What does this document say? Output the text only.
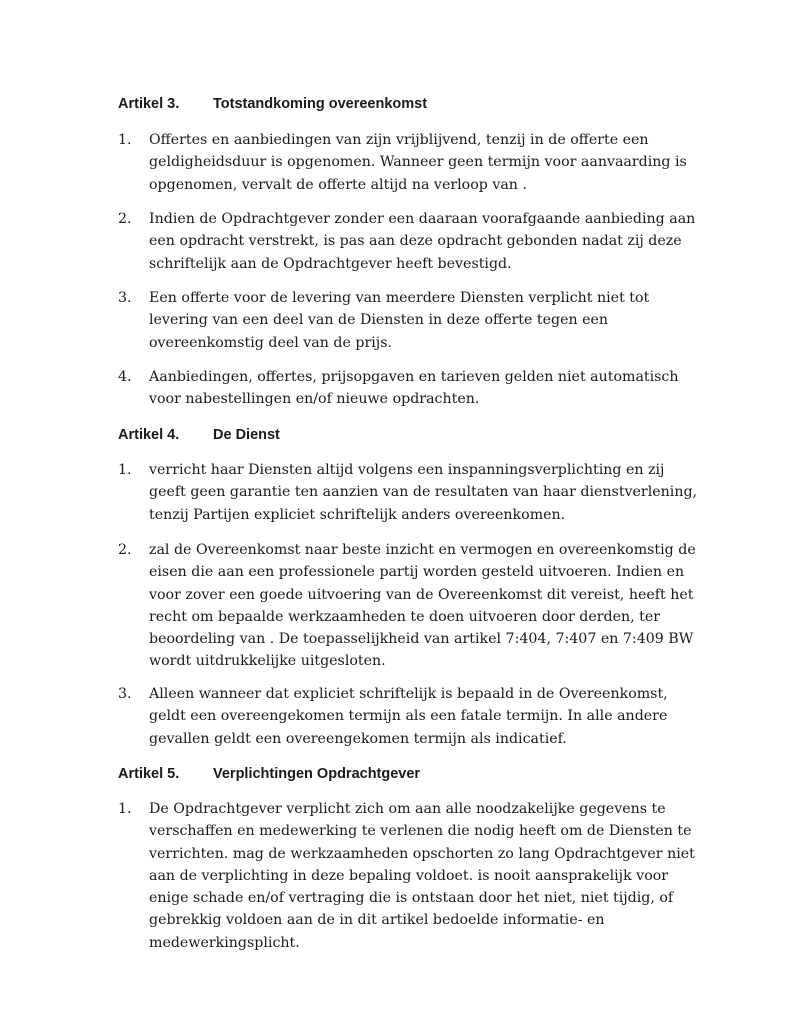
Artikel 3. Totstandkoming overeenkomst
1. Offertes en aanbiedingen van zijn vrijblijvend, tenzij in de offerte een geldigheidsduur is opgenomen. Wanneer geen termijn voor aanvaarding is opgenomen, vervalt de offerte altijd na verloop van .
2. Indien de Opdrachtgever zonder een daaraan voorafgaande aanbieding aan een opdracht verstrekt, is pas aan deze opdracht gebonden nadat zij deze schriftelijk aan de Opdrachtgever heeft bevestigd.
3. Een offerte voor de levering van meerdere Diensten verplicht niet tot levering van een deel van de Diensten in deze offerte tegen een overeenkomstig deel van de prijs.
4. Aanbiedingen, offertes, prijsopgaven en tarieven gelden niet automatisch voor nabestellingen en/of nieuwe opdrachten.
Artikel 4. De Dienst
1. verricht haar Diensten altijd volgens een inspanningsverplichting en zij geeft geen garantie ten aanzien van de resultaten van haar dienstverlening, tenzij Partijen expliciet schriftelijk anders overeenkomen.
2. zal de Overeenkomst naar beste inzicht en vermogen en overeenkomstig de eisen die aan een professionele partij worden gesteld uitvoeren. Indien en voor zover een goede uitvoering van de Overeenkomst dit vereist, heeft het recht om bepaalde werkzaamheden te doen uitvoeren door derden, ter beoordeling van . De toepasselijkheid van artikel 7:404, 7:407 en 7:409 BW wordt uitdrukkelijke uitgesloten.
3. Alleen wanneer dat expliciet schriftelijk is bepaald in de Overeenkomst, geldt een overeengekomen termijn als een fatale termijn. In alle andere gevallen geldt een overeengekomen termijn als indicatief.
Artikel 5. Verplichtingen Opdrachtgever
1. De Opdrachtgever verplicht zich om aan alle noodzakelijke gegevens te verschaffen en medewerking te verlenen die nodig heeft om de Diensten te verrichten. mag de werkzaamheden opschorten zo lang Opdrachtgever niet aan de verplichting in deze bepaling voldoet. is nooit aansprakelijk voor enige schade en/of vertraging die is ontstaan door het niet, niet tijdig, of gebrekkig voldoen aan de in dit artikel bedoelde informatie- en medewerkingsplicht.
